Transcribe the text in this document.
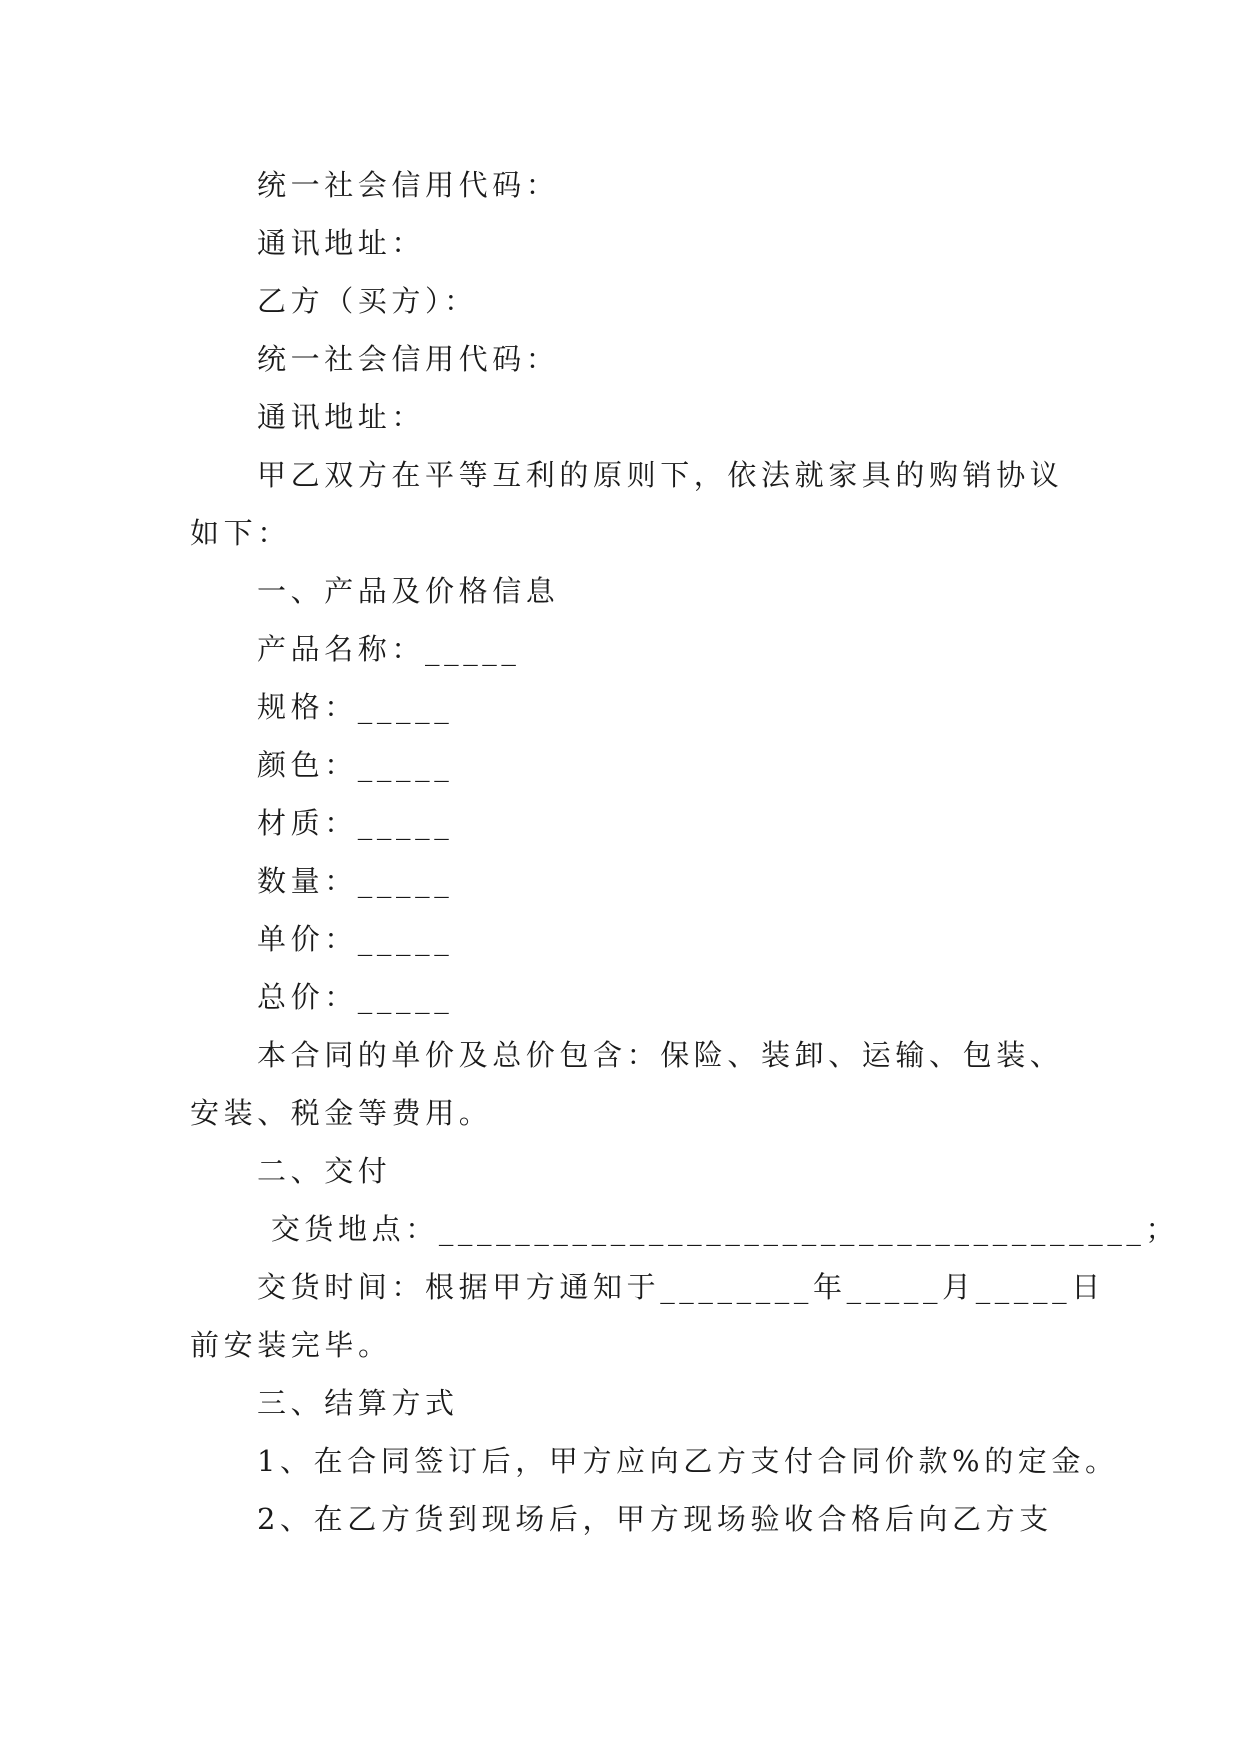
统一社会信用代码：
通讯地址：
乙方（买方）：
统一社会信用代码：
通讯地址：
甲乙双方在平等互利的原则下，依法就家具的购销协议
如下：
一、产品及价格信息
产品名称：_____
规格：_____
颜色：_____
材质：_____
数量：_____
单价：_____
总价：_____
本合同的单价及总价包含：保险、装卸、运输、包装、
安装、税金等费用。
二、交付
交货地点：_____________________________________；
交货时间：根据甲方通知于________年_____月_____日
前安装完毕。
三、结算方式
1、在合同签订后，甲方应向乙方支付合同价款%的定金。
2、在乙方货到现场后，甲方现场验收合格后向乙方支
